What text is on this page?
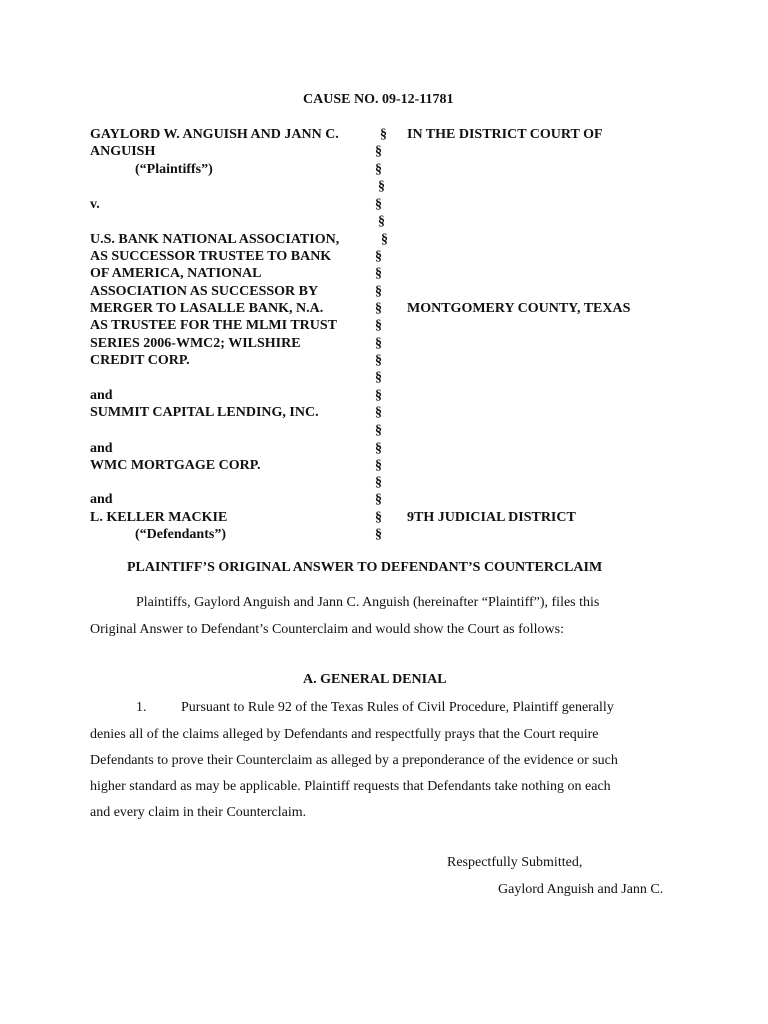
CAUSE NO. 09-12-11781
GAYLORD W. ANGUISH AND JANN C.
ANGUISH
(“Plaintiffs”)
v.
U.S. BANK NATIONAL ASSOCIATION,
AS SUCCESSOR TRUSTEE TO BANK
OF AMERICA, NATIONAL
ASSOCIATION AS SUCCESSOR BY
MERGER TO LASALLE BANK, N.A.
AS TRUSTEE FOR THE MLMI TRUST
SERIES 2006-WMC2; WILSHIRE
CREDIT CORP.
and
SUMMIT CAPITAL LENDING, INC.
and
WMC MORTGAGE CORP.
and
L. KELLER MACKIE
(“Defendants”)
§
§
§
§
§
§
§
§
§
§
§
§
§
§
§
§
§
§
§
§
§
§
§
§
IN THE DISTRICT COURT OF
MONTGOMERY COUNTY, TEXAS
9TH JUDICIAL DISTRICT
PLAINTIFF’S ORIGINAL ANSWER TO DEFENDANT’S COUNTERCLAIM
Plaintiffs, Gaylord Anguish and Jann C. Anguish (hereinafter “Plaintiff”), files this
Original Answer to Defendant’s Counterclaim and would show the Court as follows:
A. GENERAL DENIAL
1. Pursuant to Rule 92 of the Texas Rules of Civil Procedure, Plaintiff generally
denies all of the claims alleged by Defendants and respectfully prays that the Court require
Defendants to prove their Counterclaim as alleged by a preponderance of the evidence or such
higher standard as may be applicable. Plaintiff requests that Defendants take nothing on each
and every claim in their Counterclaim.
Respectfully Submitted,
Gaylord Anguish and Jann C.
